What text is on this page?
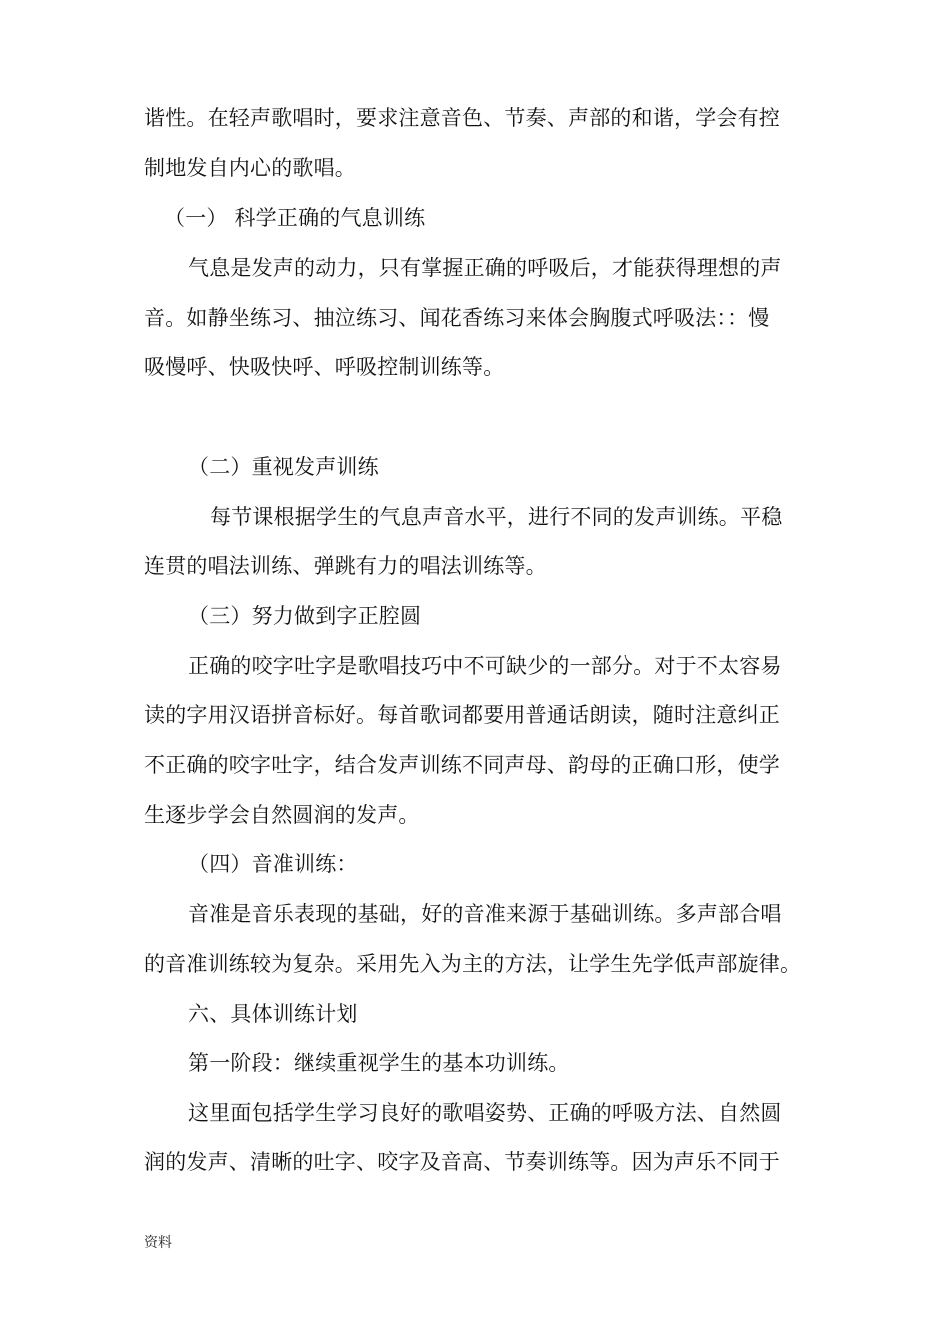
谐性。在轻声歌唱时，要求注意音色、节奏、声部的和谐，学会有控
制地发自内心的歌唱。
（一） 科学正确的气息训练
气息是发声的动力，只有掌握正确的呼吸后，才能获得理想的声
音。如静坐练习、抽泣练习、闻花香练习来体会胸腹式呼吸法：：慢
吸慢呼、快吸快呼、呼吸控制训练等。
（二）重视发声训练
每节课根据学生的气息声音水平，进行不同的发声训练。平稳
连贯的唱法训练、弹跳有力的唱法训练等。
（三）努力做到字正腔圆
正确的咬字吐字是歌唱技巧中不可缺少的一部分。对于不太容易
读的字用汉语拼音标好。每首歌词都要用普通话朗读，随时注意纠正
不正确的咬字吐字，结合发声训练不同声母、韵母的正确口形，使学
生逐步学会自然圆润的发声。
（四）音准训练：
音准是音乐表现的基础，好的音准来源于基础训练。多声部合唱
的音准训练较为复杂。采用先入为主的方法，让学生先学低声部旋律。
六、具体训练计划
第一阶段：继续重视学生的基本功训练。
这里面包括学生学习良好的歌唱姿势、正确的呼吸方法、自然圆
润的发声、清晰的吐字、咬字及音高、节奏训练等。因为声乐不同于
资料
